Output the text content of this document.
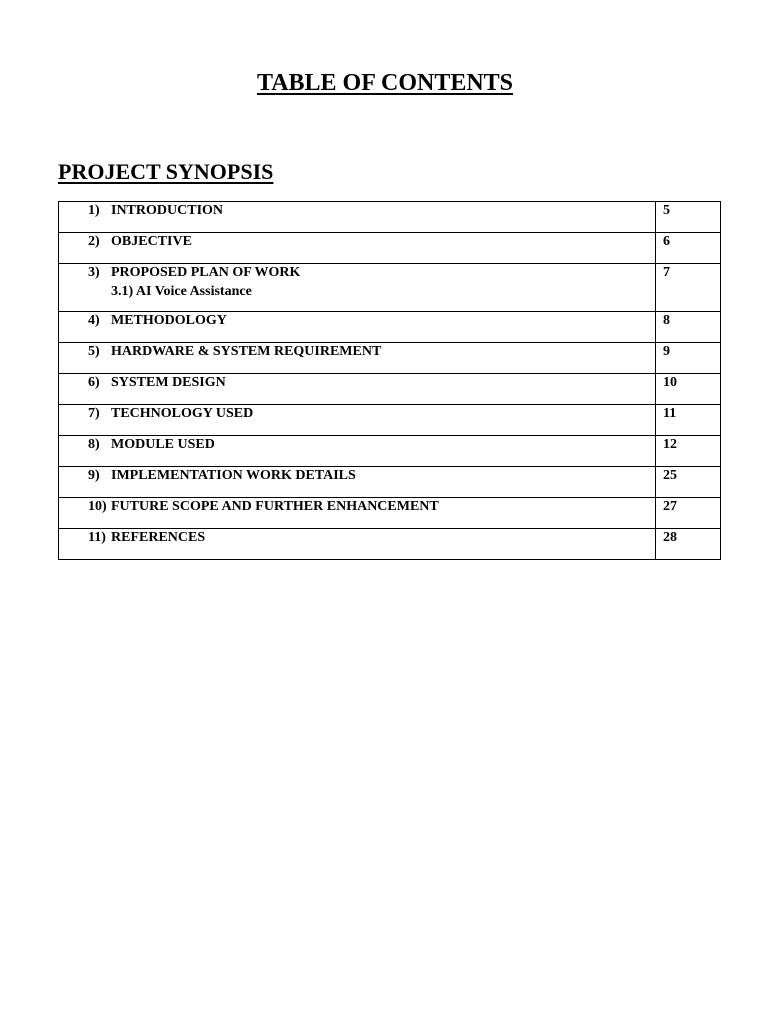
TABLE OF CONTENTS
PROJECT SYNOPSIS
1) INTRODUCTION	5

2) OBJECTIVE	6

3) PROPOSED PLAN OF WORK
3.1) AI Voice Assistance	7

4) METHODOLOGY	8

5) HARDWARE & SYSTEM REQUIREMENT	9

6) SYSTEM DESIGN	10

7) TECHNOLOGY USED	11

8) MODULE USED	12

9) IMPLEMENTATION WORK DETAILS	25

10) FUTURE SCOPE AND FURTHER ENHANCEMENT	27

11) REFERENCES	28
